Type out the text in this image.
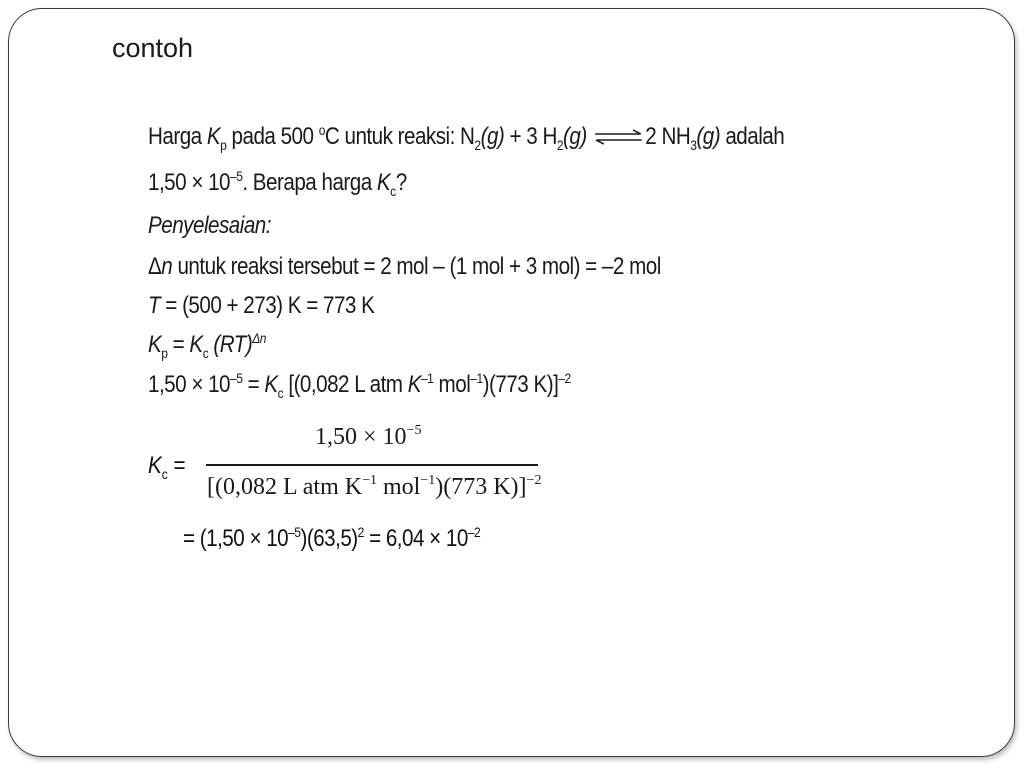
contoh
Harga $K_p$ pada 500 $^o$C untuk reaksi: $N_2(g) + 3$ $H_2(g)$ ⇌ 2 $NH_3(g)$ adalah
$1,50 \times 10^{-5}$. Berapa harga $K_c$?
Penyelesaian:
Δn untuk reaksi tersebut = 2 mol – (1 mol + 3 mol) = –2 mol
T = (500 + 273) K = 773 K
$K_p = K_c$ (RT)$^{\Delta n}$
$1,50 \times 10^{-5} = K_c$ [(0,082 L atm $K^{-1}$ mol$^{-1}$)(773 K)]$^{-2}$
$K_c$ =
$1,50 \times 10^{-5}$
[(0,082 L atm $K^{-1}$ mol$^{-1}$)(773 K)]$^{-2}$
= $(1,50 \times 10^{-5})(63,5)^2 = 6,04 \times 10^{-2}$
